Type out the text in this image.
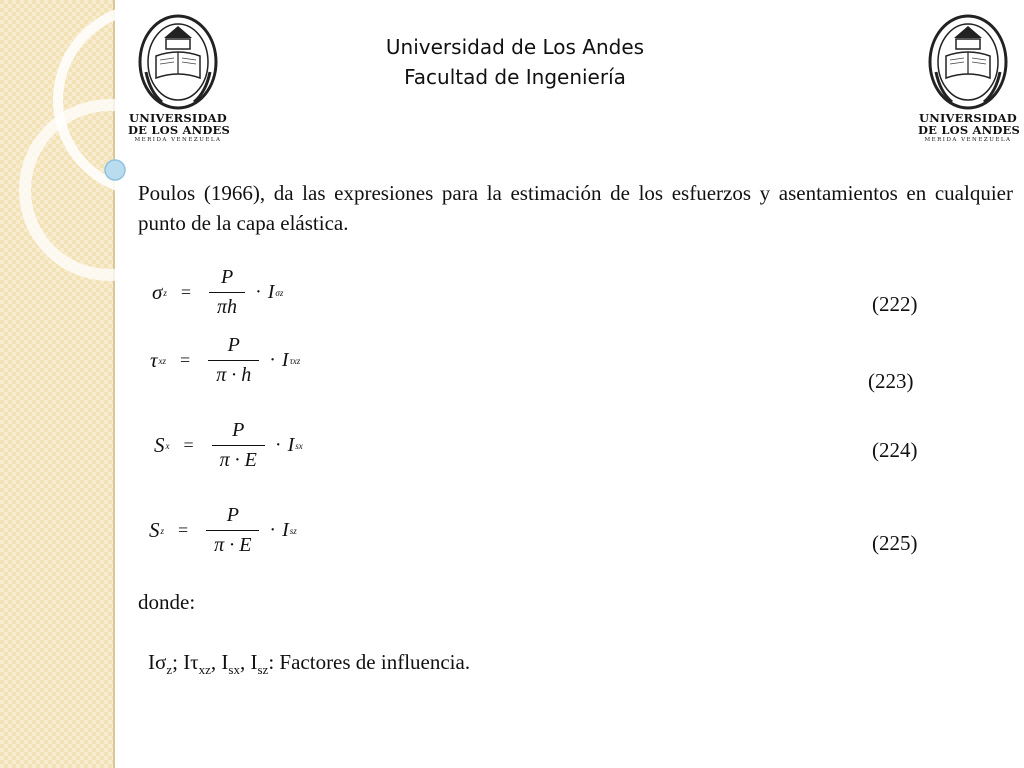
UNIVERSIDAD
DE LOS ANDES
MERIDA VENEZUELA
UNIVERSIDAD
DE LOS ANDES
MERIDA VENEZUELA
Universidad de Los Andes
Facultad de Ingeniería
Poulos (1966), da las expresiones para la estimación de los esfuerzos y asentamientos en cualquier punto de la capa elástica.
σ $z = \frac{P}{\pi h} \cdot I$ σz	(222)
τ xz = $\frac{P}{\pi \cdot h} \cdot I$ τxz
(223)
S $x = \frac{P}{\pi \cdot E} \cdot I$ sx	(224)
S $z = \frac{P}{\pi \cdot E} \cdot I$ sz
(225)
donde:
$I\sigma_z$; $I\tau_{xz}$, $I_{sx}$, $I_{sz}$: Factores de influencia.
